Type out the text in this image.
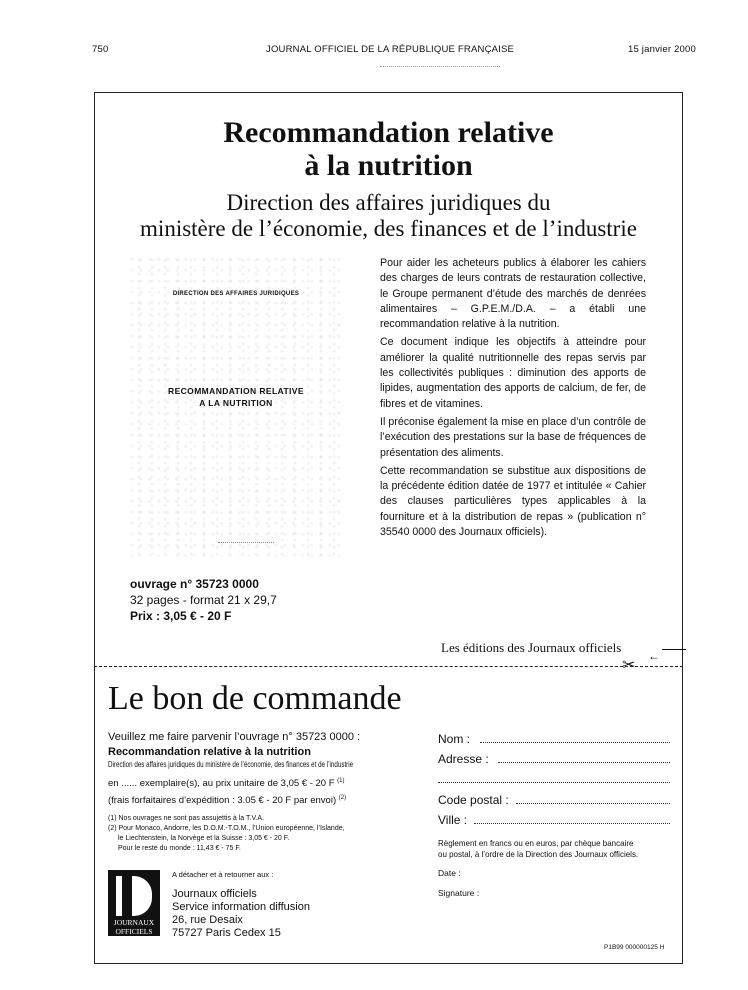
750	JOURNAL OFFICIEL DE LA RÉPUBLIQUE FRANÇAISE	15 janvier 2000
Recommandation relative
à la nutrition
Direction des affaires juridiques du
ministère de l’économie, des finances et de l’industrie
DIRECTION DES AFFAIRES JURIDIQUES
RECOMMANDATION RELATIVE
A LA NUTRITION

Pour aider les acheteurs publics à élaborer les cahiers des charges de leurs contrats de restauration collective, le Groupe permanent d’étude des marchés de denrées alimentaires – G.P.E.M./D.A. – a établi une recommandation relative à la nutrition.

Ce document indique les objectifs à atteindre pour améliorer la qualité nutritionnelle des repas servis par les collectivités publiques : diminution des apports de lipides, augmentation des apports de calcium, de fer, de fibres et de vitamines.

Il préconise également la mise en place d’un contrôle de l’exécution des prestations sur la base de fréquences de présentation des aliments.

Cette recommandation se substitue aux dispositions de la précédente édition datée de 1977 et intitulée « Cahier des clauses particulières types applicables à la fourniture et à la distribution de repas » (publication n° 35540 0000 des Journaux officiels).

ouvrage n° 35723 0000
32 pages - format 21 x 29,7
Prix : 3,05 € - 20 F
Les éditions des Journaux officiels
←
✂
Le bon de commande
Veuillez me faire parvenir l’ouvrage n° 35723 0000 :
Recommandation relative à la nutrition
Direction des affaires juridiques du ministère de l’économie, des finances et de l’industrie
en ...... exemplaire(s), au prix unitaire de 3,05 € - 20 F $^{(1)}$
(frais forfaitaires d’expédition : 3.05 € - 20 F par envoi) $^{(2)}$
(1) Nos ouvrages ne sont pas assujettis à la T.V.A.
(2) Pour Monaco, Andorre, les D.O.M.-T.O.M., l’Union européenne, l’Islande,
le Liechtenstein, la Norvège et la Suisse : 3,05 € - 20 F.
Pour le reste du monde : 11,43 € - 75 F.
A détacher et à retourner aux :
JOURNAUX
OFFICIELS
Journaux officiels
Service information diffusion
26, rue Desaix
75727 Paris Cedex 15
Nom :
Adresse :
Code postal :
Ville :
Règlement en francs ou en euros, par chèque bancaire
ou postal, à l’ordre de la Direction des Journaux officiels.
Date :
Signature :
P1B99 000000125 H
